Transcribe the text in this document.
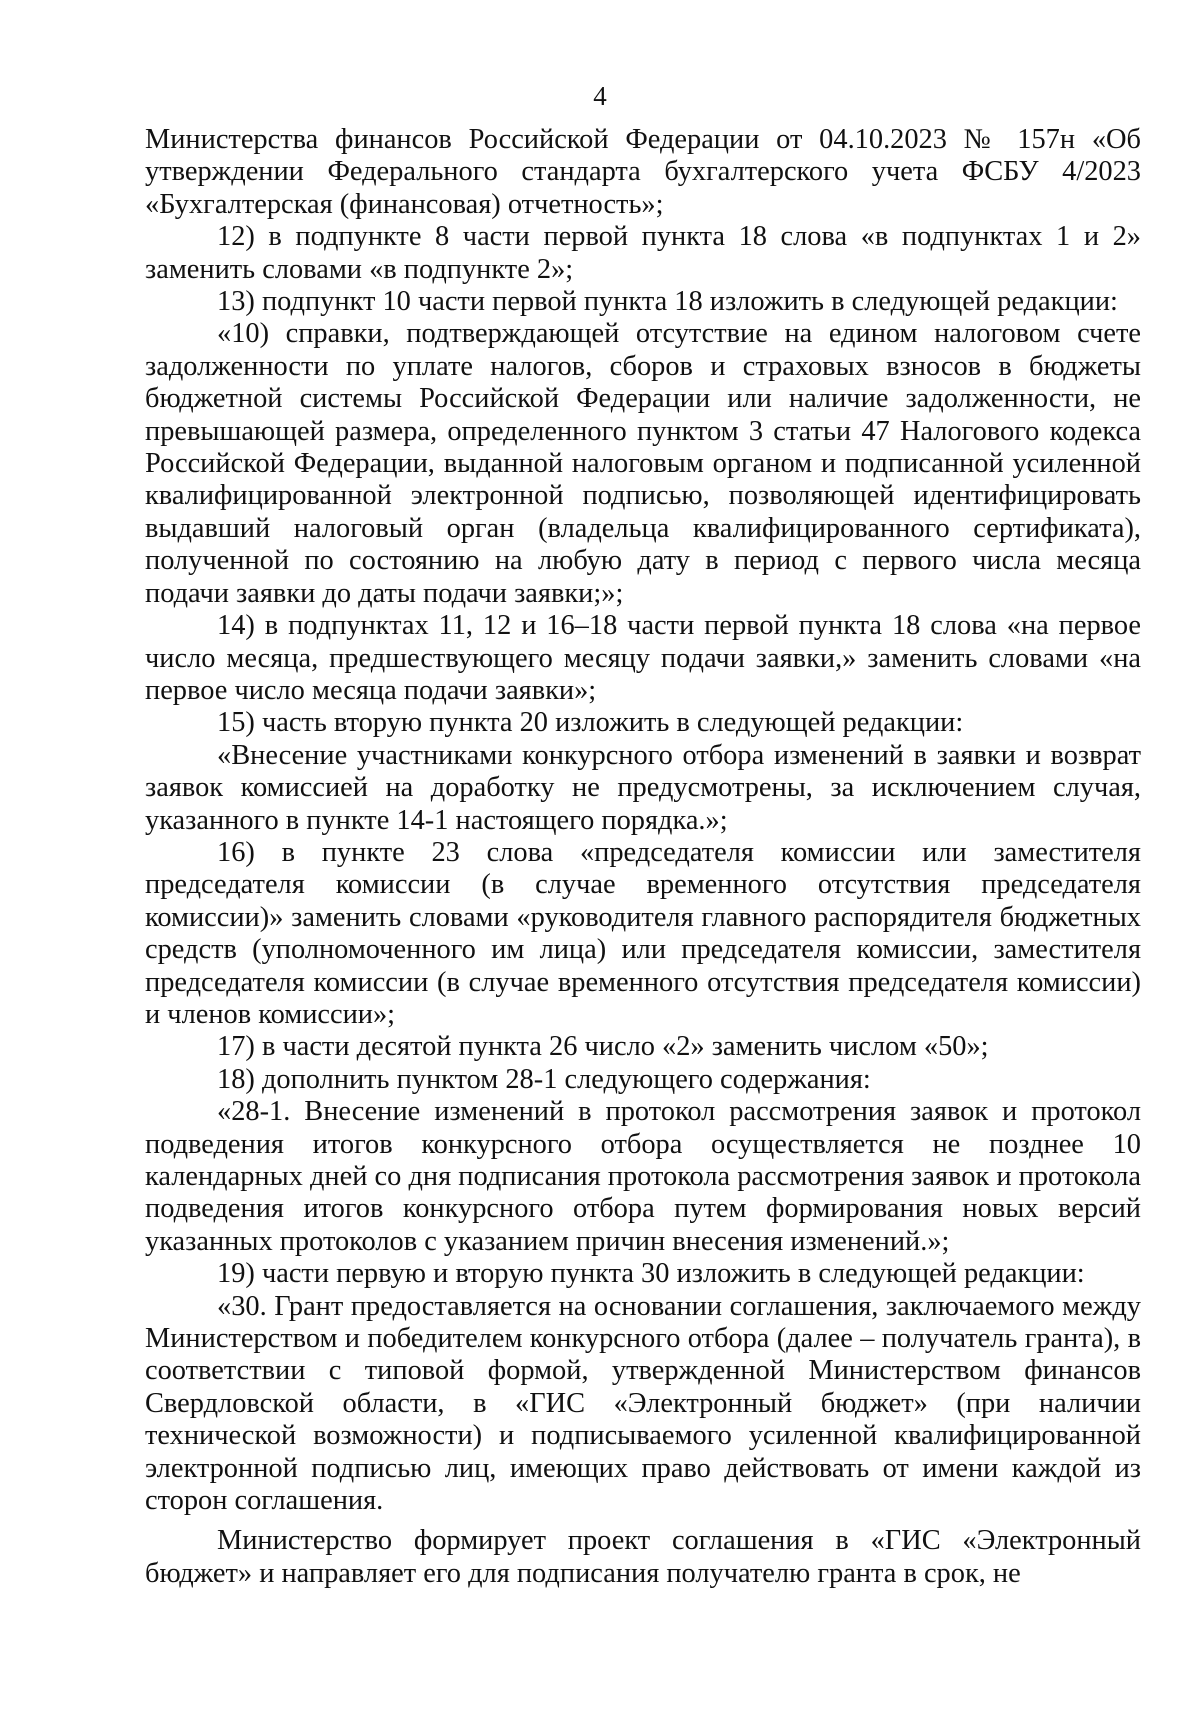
4

Министерства финансов Российской Федерации от 04.10.2023 № 157н «Об утверждении Федерального стандарта бухгалтерского учета ФСБУ 4/2023 «Бухгалтерская (финансовая) отчетность»;

12) в подпункте 8 части первой пункта 18 слова «в подпунктах 1 и 2» заменить словами «в подпункте 2»;

13) подпункт 10 части первой пункта 18 изложить в следующей редакции:

«10) справки, подтверждающей отсутствие на едином налоговом счете задолженности по уплате налогов, сборов и страховых взносов в бюджеты бюджетной системы Российской Федерации или наличие задолженности, не превышающей размера, определенного пунктом 3 статьи 47 Налогового кодекса Российской Федерации, выданной налоговым органом и подписанной усиленной квалифицированной электронной подписью, позволяющей идентифицировать выдавший налоговый орган (владельца квалифицированного сертификата), полученной по состоянию на любую дату в период с первого числа месяца подачи заявки до даты подачи заявки;»;

14) в подпунктах 11, 12 и 16–18 части первой пункта 18 слова «на первое число месяца, предшествующего месяцу подачи заявки,» заменить словами «на первое число месяца подачи заявки»;

15) часть вторую пункта 20 изложить в следующей редакции:

«Внесение участниками конкурсного отбора изменений в заявки и возврат заявок комиссией на доработку не предусмотрены, за исключением случая, указанного в пункте 14-1 настоящего порядка.»;

16) в пункте 23 слова «председателя комиссии или заместителя председателя комиссии (в случае временного отсутствия председателя комиссии)» заменить словами «руководителя главного распорядителя бюджетных средств (уполномоченного им лица) или председателя комиссии, заместителя председателя комиссии (в случае временного отсутствия председателя комиссии) и членов комиссии»;

17) в части десятой пункта 26 число «2» заменить числом «50»;

18) дополнить пунктом 28-1 следующего содержания:

«28-1. Внесение изменений в протокол рассмотрения заявок и протокол подведения итогов конкурсного отбора осуществляется не позднее 10 календарных дней со дня подписания протокола рассмотрения заявок и протокола подведения итогов конкурсного отбора путем формирования новых версий указанных протоколов с указанием причин внесения изменений.»;

19) части первую и вторую пункта 30 изложить в следующей редакции:

«30. Грант предоставляется на основании соглашения, заключаемого между Министерством и победителем конкурсного отбора (далее – получатель гранта), в соответствии с типовой формой, утвержденной Министерством финансов Свердловской области, в «ГИС «Электронный бюджет» (при наличии технической возможности) и подписываемого усиленной квалифицированной электронной подписью лиц, имеющих право действовать от имени каждой из сторон соглашения.

Министерство формирует проект соглашения в «ГИС «Электронный бюджет» и направляет его для подписания получателю гранта в срок, не
